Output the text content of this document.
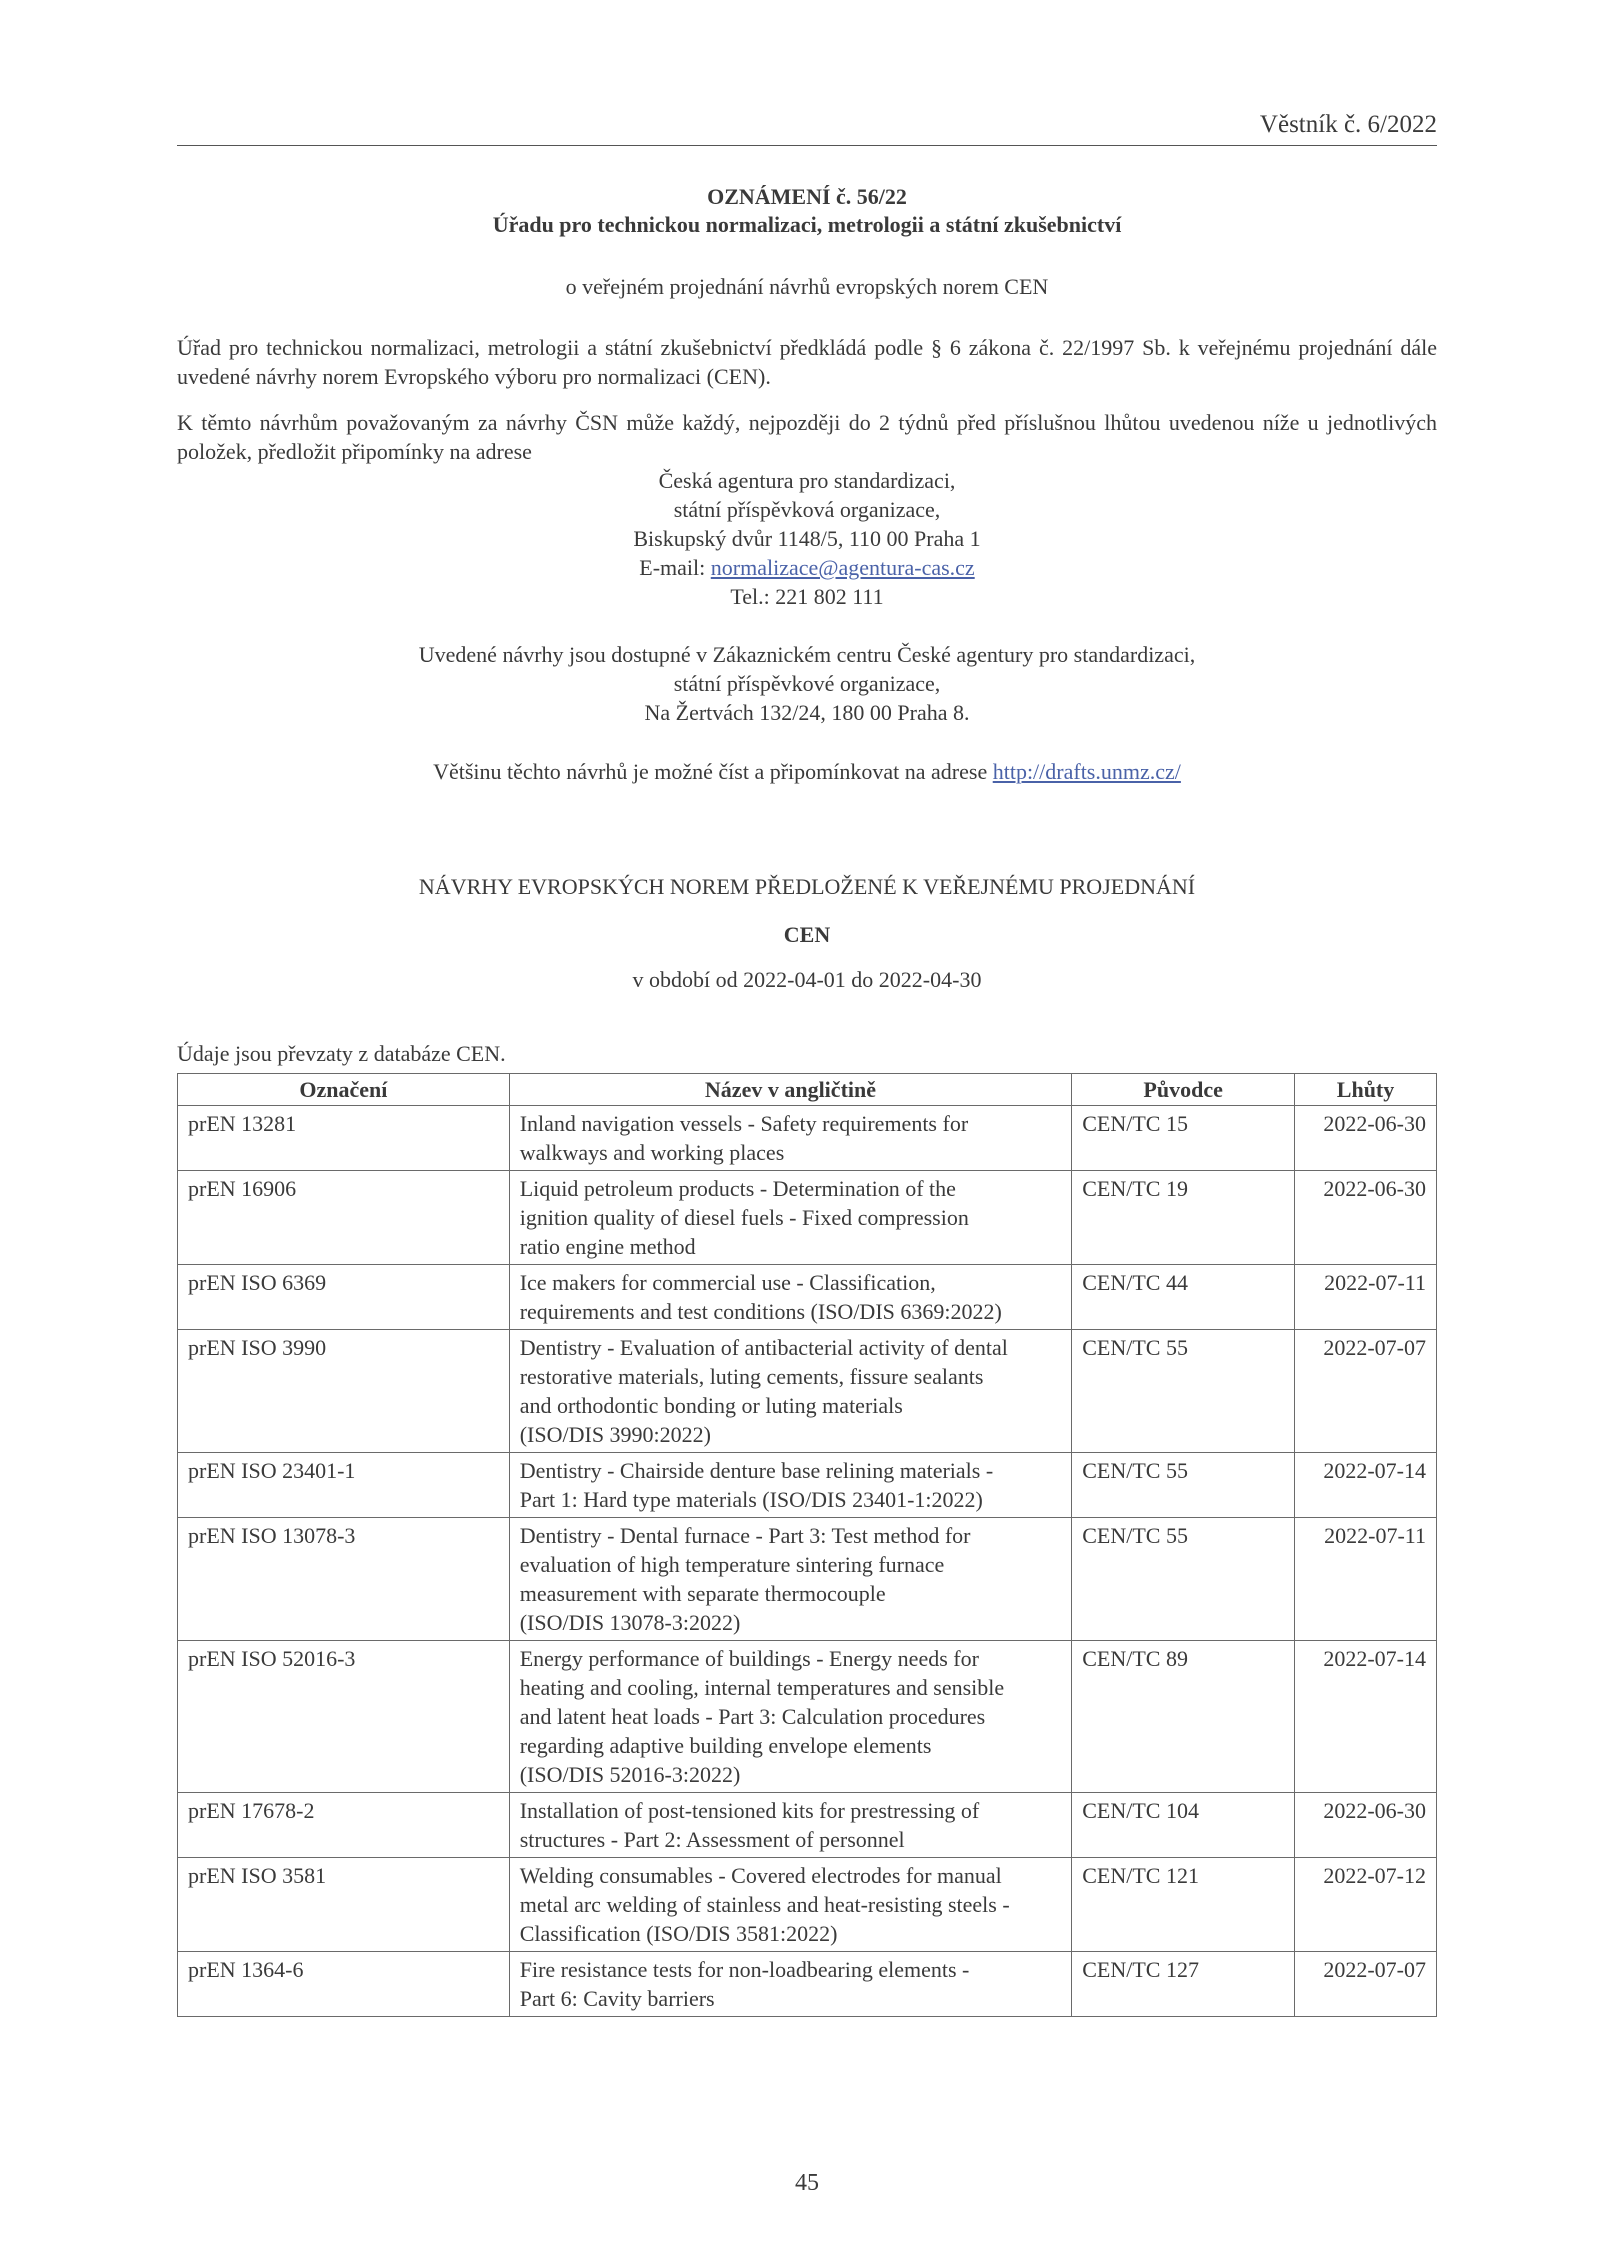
Věstník č. 6/2022
OZNÁMENÍ č. 56/22
Úřadu pro technickou normalizaci, metrologii a státní zkušebnictví
o veřejném projednání návrhů evropských norem CEN
Úřad pro technickou normalizaci, metrologii a státní zkušebnictví předkládá podle § 6 zákona č. 22/1997 Sb. k veřejnému projednání dále uvedené návrhy norem Evropského výboru pro normalizaci (CEN).
K těmto návrhům považovaným za návrhy ČSN může každý, nejpozději do 2 týdnů před příslušnou lhůtou uvedenou níže u jednotlivých položek, předložit připomínky na adrese
Česká agentura pro standardizaci,
státní příspěvková organizace,
Biskupský dvůr 1148/5, 110 00 Praha 1
E-mail: normalizace@agentura-cas.cz
Tel.: 221 802 111
Uvedené návrhy jsou dostupné v Zákaznickém centru České agentury pro standardizaci,
státní příspěvkové organizace,
Na Žertvách 132/24, 180 00 Praha 8.
Většinu těchto návrhů je možné číst a připomínkovat na adrese http://drafts.unmz.cz/
NÁVRHY EVROPSKÝCH NOREM PŘEDLOŽENÉ K VEŘEJNÉMU PROJEDNÁNÍ
CEN
v období od 2022-04-01 do 2022-04-30
Údaje jsou převzaty z databáze CEN.
Označení	Název v angličtině	Původce	Lhůty
prEN 13281	Inland navigation vessels - Safety requirements for
walkways and working places	CEN/TC 15	2022-06-30
prEN 16906	Liquid petroleum products - Determination of the
ignition quality of diesel fuels - Fixed compression
ratio engine method	CEN/TC 19	2022-06-30
prEN ISO 6369	Ice makers for commercial use - Classification,
requirements and test conditions (ISO/DIS 6369:2022)	CEN/TC 44	2022-07-11
prEN ISO 3990	Dentistry - Evaluation of antibacterial activity of dental
restorative materials, luting cements, fissure sealants
and orthodontic bonding or luting materials
(ISO/DIS 3990:2022)	CEN/TC 55	2022-07-07
prEN ISO 23401-1	Dentistry - Chairside denture base relining materials -
Part 1: Hard type materials (ISO/DIS 23401-1:2022)	CEN/TC 55	2022-07-14
prEN ISO 13078-3	Dentistry - Dental furnace - Part 3: Test method for
evaluation of high temperature sintering furnace
measurement with separate thermocouple
(ISO/DIS 13078-3:2022)	CEN/TC 55	2022-07-11
prEN ISO 52016-3	Energy performance of buildings - Energy needs for
heating and cooling, internal temperatures and sensible
and latent heat loads - Part 3: Calculation procedures
regarding adaptive building envelope elements
(ISO/DIS 52016-3:2022)	CEN/TC 89	2022-07-14
prEN 17678-2	Installation of post-tensioned kits for prestressing of
structures - Part 2: Assessment of personnel	CEN/TC 104	2022-06-30
prEN ISO 3581	Welding consumables - Covered electrodes for manual
metal arc welding of stainless and heat-resisting steels -
Classification (ISO/DIS 3581:2022)	CEN/TC 121	2022-07-12
prEN 1364-6	Fire resistance tests for non-loadbearing elements -
Part 6: Cavity barriers	CEN/TC 127	2022-07-07
45
